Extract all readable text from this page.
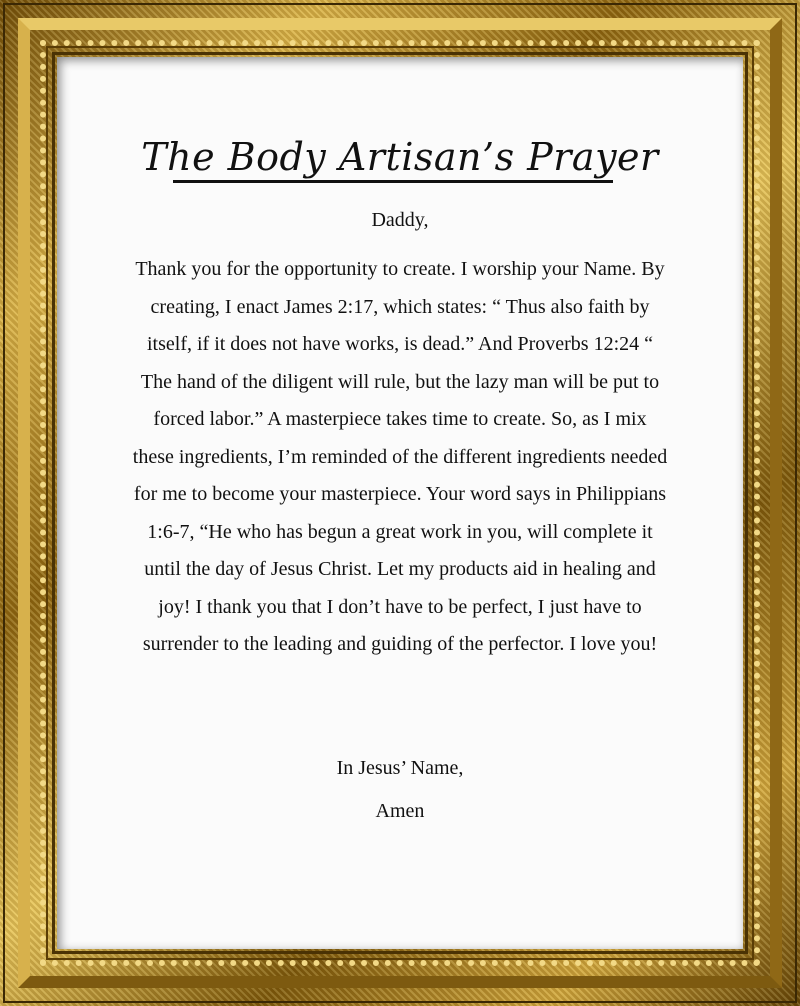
The Body Artisan’s Prayer
Daddy,

Thank you for the opportunity to create. I worship your Name. By creating, I enact James 2:17, which states: “ Thus also faith by itself, if it does not have works, is dead.” And Proverbs 12:24 “ The hand of the diligent will rule, but the lazy man will be put to forced labor.” A masterpiece takes time to create. So, as I mix these ingredients, I’m reminded of the different ingredients needed for me to become your masterpiece. Your word says in Philippians 1:6-7, “He who has begun a great work in you, will complete it until the day of Jesus Christ. Let my products aid in healing and joy! I thank you that I don’t have to be perfect, I just have to surrender to the leading and guiding of the perfector. I love you!

In Jesus’ Name,
Amen
